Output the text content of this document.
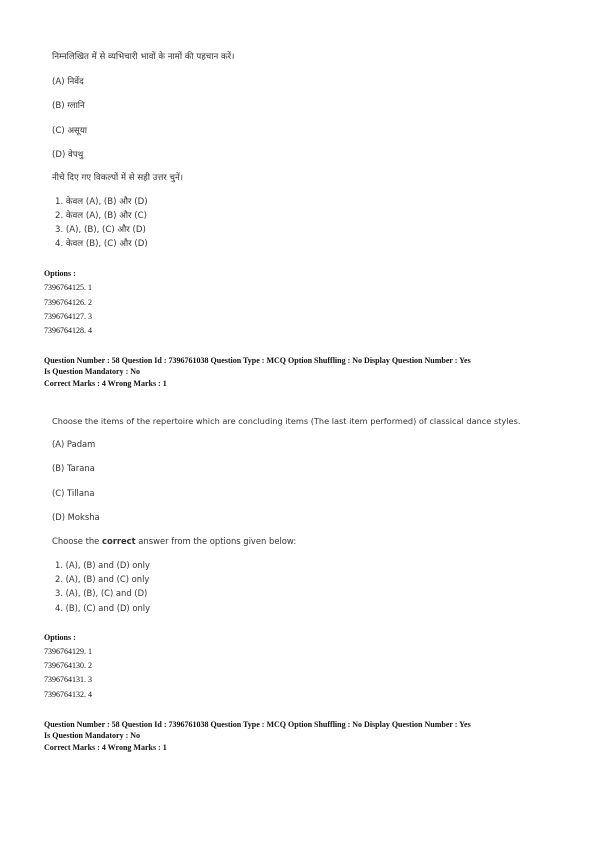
निम्नलिखित में से व्यभिचारी भावों के नामों की पहचान करें।
(A) निर्वेद
(B) ग्लानि
(C) असूया
(D) वेपथु
नीचे दिए गए विकल्पों में से सही उत्तर चुनें।
1. केवल (A), (B) और (D)
2. केवल (A), (B) और (C)
3. (A), (B), (C) और (D)
4. केवल (B), (C) और (D)
Options :
7396764125. 1
7396764126. 2
7396764127. 3
7396764128. 4
Question Number : 58 Question Id : 7396761038 Question Type : MCQ Option Shuffling : No Display Question Number : Yes
Is Question Mandatory : No
Correct Marks : 4 Wrong Marks : 1
Choose the items of the repertoire which are concluding items (The last item performed) of classical dance styles.
(A) Padam
(B) Tarana
(C) Tillana
(D) Moksha
Choose the correct answer from the options given below:
1. (A), (B) and (D) only
2. (A), (B) and (C) only
3. (A), (B), (C) and (D)
4. (B), (C) and (D) only
Options :
7396764129. 1
7396764130. 2
7396764131. 3
7396764132. 4
Question Number : 58 Question Id : 7396761038 Question Type : MCQ Option Shuffling : No Display Question Number : Yes
Is Question Mandatory : No
Correct Marks : 4 Wrong Marks : 1
